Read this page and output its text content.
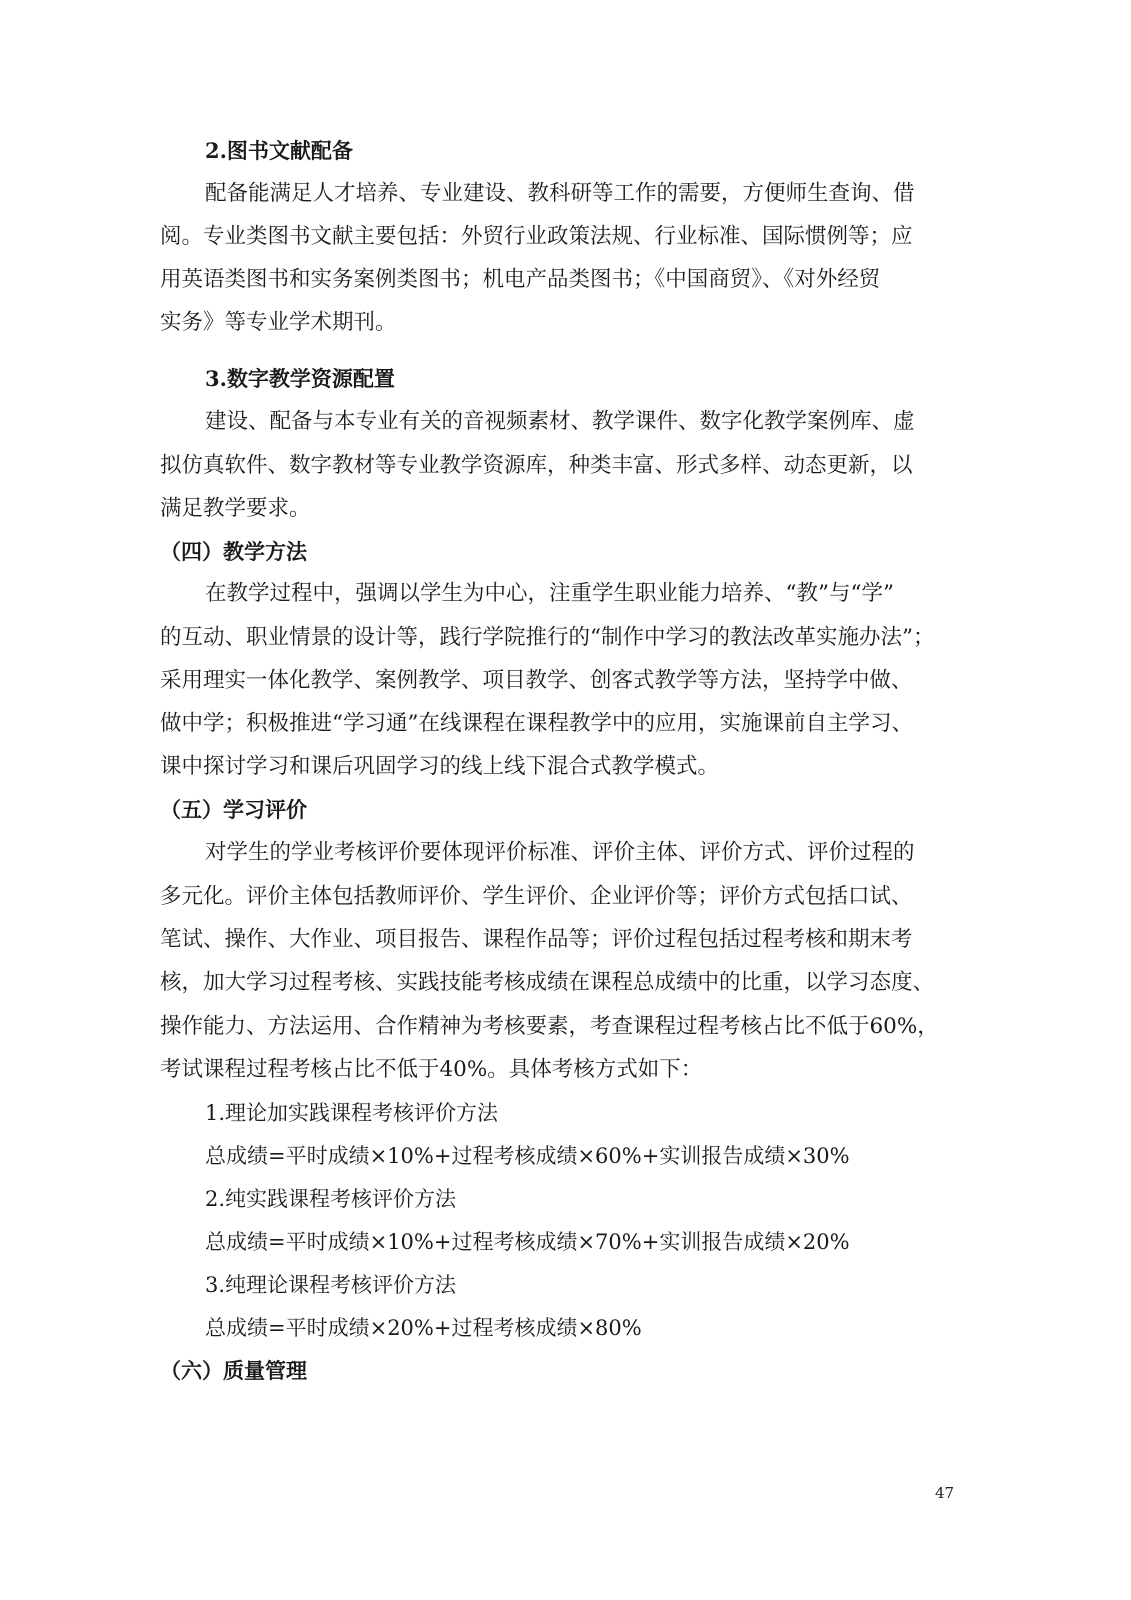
2.图书文献配备
配备能满足人才培养、专业建设、教科研等工作的需要，方便师生查询、借
阅。专业类图书文献主要包括：外贸行业政策法规、行业标准、国际惯例等；应
用英语类图书和实务案例类图书；机电产品类图书；《中国商贸》、《对外经贸
实务》等专业学术期刊。
3.数字教学资源配置
建设、配备与本专业有关的音视频素材、教学课件、数字化教学案例库、虚
拟仿真软件、数字教材等专业教学资源库，种类丰富、形式多样、动态更新，以
满足教学要求。
（四）教学方法
在教学过程中，强调以学生为中心，注重学生职业能力培养、“教”与“学”
的互动、职业情景的设计等，践行学院推行的“制作中学习的教法改革实施办法”；
采用理实一体化教学、案例教学、项目教学、创客式教学等方法，坚持学中做、
做中学；积极推进“学习通”在线课程在课程教学中的应用，实施课前自主学习、
课中探讨学习和课后巩固学习的线上线下混合式教学模式。
（五）学习评价
对学生的学业考核评价要体现评价标准、评价主体、评价方式、评价过程的
多元化。评价主体包括教师评价、学生评价、企业评价等；评价方式包括口试、
笔试、操作、大作业、项目报告、课程作品等；评价过程包括过程考核和期末考
核，加大学习过程考核、实践技能考核成绩在课程总成绩中的比重，以学习态度、
操作能力、方法运用、合作精神为考核要素，考查课程过程考核占比不低于60%，
考试课程过程考核占比不低于40%。具体考核方式如下：
1.理论加实践课程考核评价方法
总成绩=平时成绩×10%+过程考核成绩×60%+实训报告成绩×30%
2.纯实践课程考核评价方法
总成绩=平时成绩×10%+过程考核成绩×70%+实训报告成绩×20%
3.纯理论课程考核评价方法
总成绩=平时成绩×20%+过程考核成绩×80%
（六）质量管理
47
